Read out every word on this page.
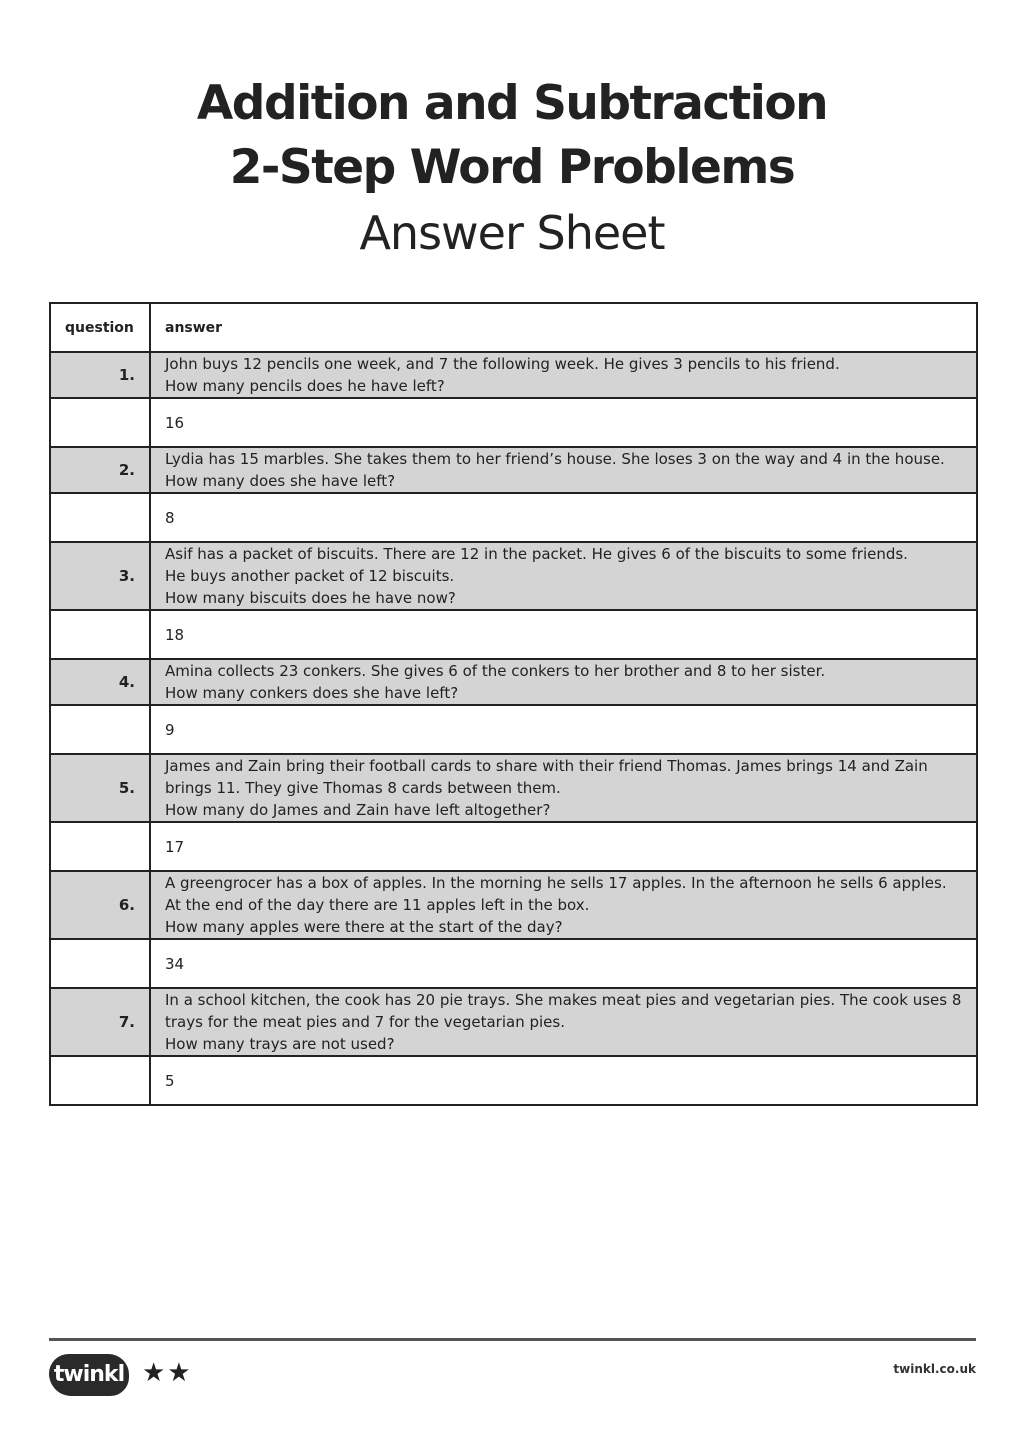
Addition and Subtraction
2-Step Word Problems
Answer Sheet
question	answer
1.	John buys 12 pencils one week, and 7 the following week. He gives 3 pencils to his friend.
How many pencils does he have left?

	16
2.	Lydia has 15 marbles. She takes them to her friend’s house. She loses 3 on the way and 4 in the house.
How many does she have left?

	8
3.	Asif has a packet of biscuits. There are 12 in the packet. He gives 6 of the biscuits to some friends.
He buys another packet of 12 biscuits.
How many biscuits does he have now?

	18
4.	Amina collects 23 conkers. She gives 6 of the conkers to her brother and 8 to her sister.
How many conkers does she have left?

	9
5.	James and Zain bring their football cards to share with their friend Thomas. James brings 14 and Zain
brings 11. They give Thomas 8 cards between them.
How many do James and Zain have left altogether?

	17
6.	A greengrocer has a box of apples. In the morning he sells 17 apples. In the afternoon he sells 6 apples.
At the end of the day there are 11 apples left in the box.
How many apples were there at the start of the day?

	34
7.	In a school kitchen, the cook has 20 pie trays. She makes meat pies and vegetarian pies. The cook uses 8
trays for the meat pies and 7 for the vegetarian pies.
How many trays are not used?

	5
twinkl ★★	twinkl.co.uk
